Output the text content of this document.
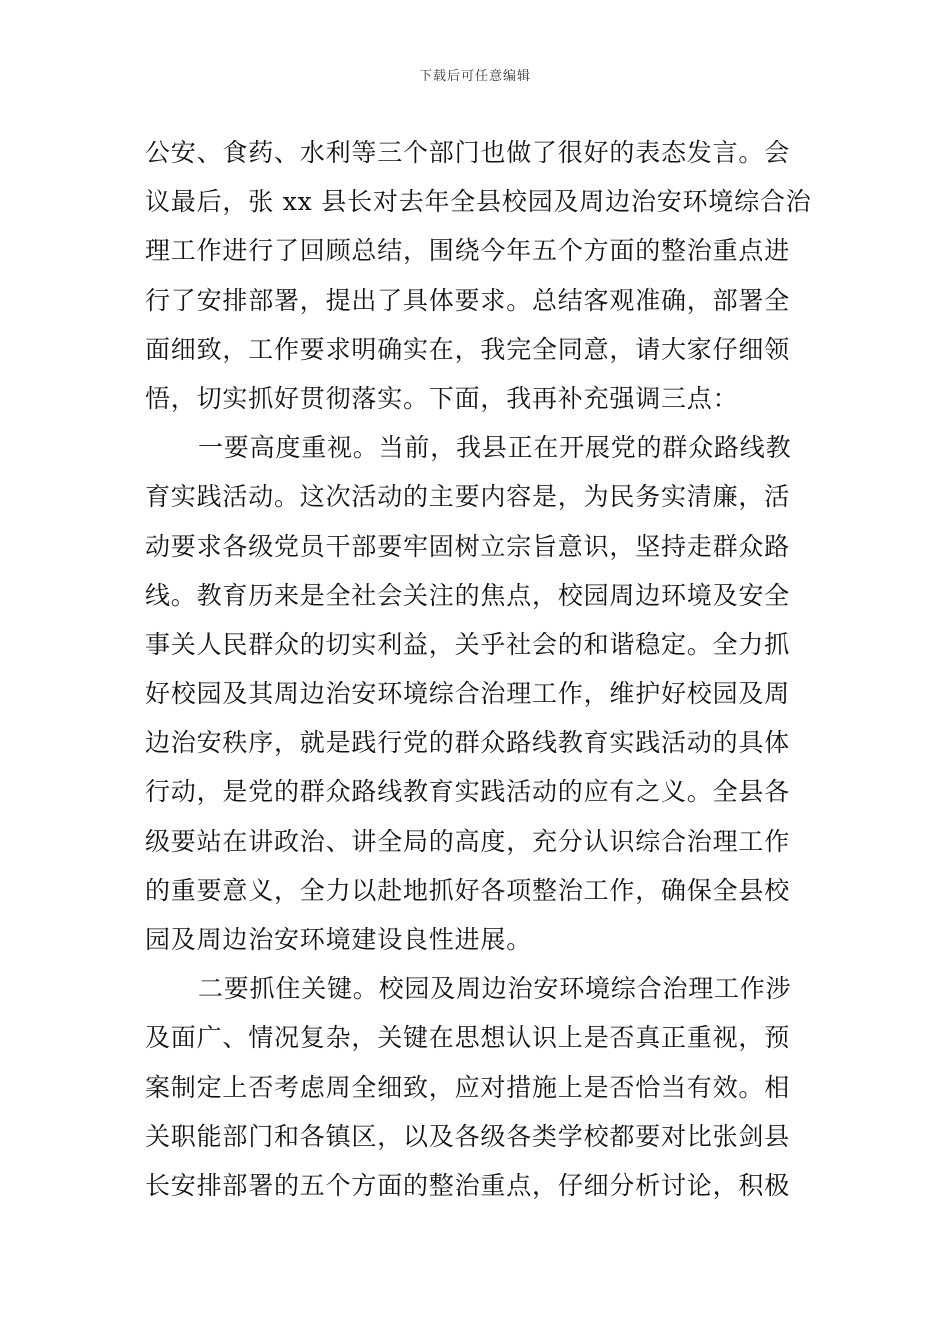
下载后可任意编辑
公安、食药、水利等三个部门也做了很好的表态发言。会
议最后，张 xx 县长对去年全县校园及周边治安环境综合治
理工作进行了回顾总结，围绕今年五个方面的整治重点进
行了安排部署，提出了具体要求。总结客观准确，部署全
面细致，工作要求明确实在，我完全同意，请大家仔细领
悟，切实抓好贯彻落实。下面，我再补充强调三点：
一要高度重视。当前，我县正在开展党的群众路线教
育实践活动。这次活动的主要内容是，为民务实清廉，活
动要求各级党员干部要牢固树立宗旨意识，坚持走群众路
线。教育历来是全社会关注的焦点，校园周边环境及安全
事关人民群众的切实利益，关乎社会的和谐稳定。全力抓
好校园及其周边治安环境综合治理工作，维护好校园及周
边治安秩序，就是践行党的群众路线教育实践活动的具体
行动，是党的群众路线教育实践活动的应有之义。全县各
级要站在讲政治、讲全局的高度，充分认识综合治理工作
的重要意义，全力以赴地抓好各项整治工作，确保全县校
园及周边治安环境建设良性进展。
二要抓住关键。校园及周边治安环境综合治理工作涉
及面广、情况复杂，关键在思想认识上是否真正重视，预
案制定上否考虑周全细致，应对措施上是否恰当有效。相
关职能部门和各镇区，以及各级各类学校都要对比张剑县
长安排部署的五个方面的整治重点，仔细分析讨论，积极
